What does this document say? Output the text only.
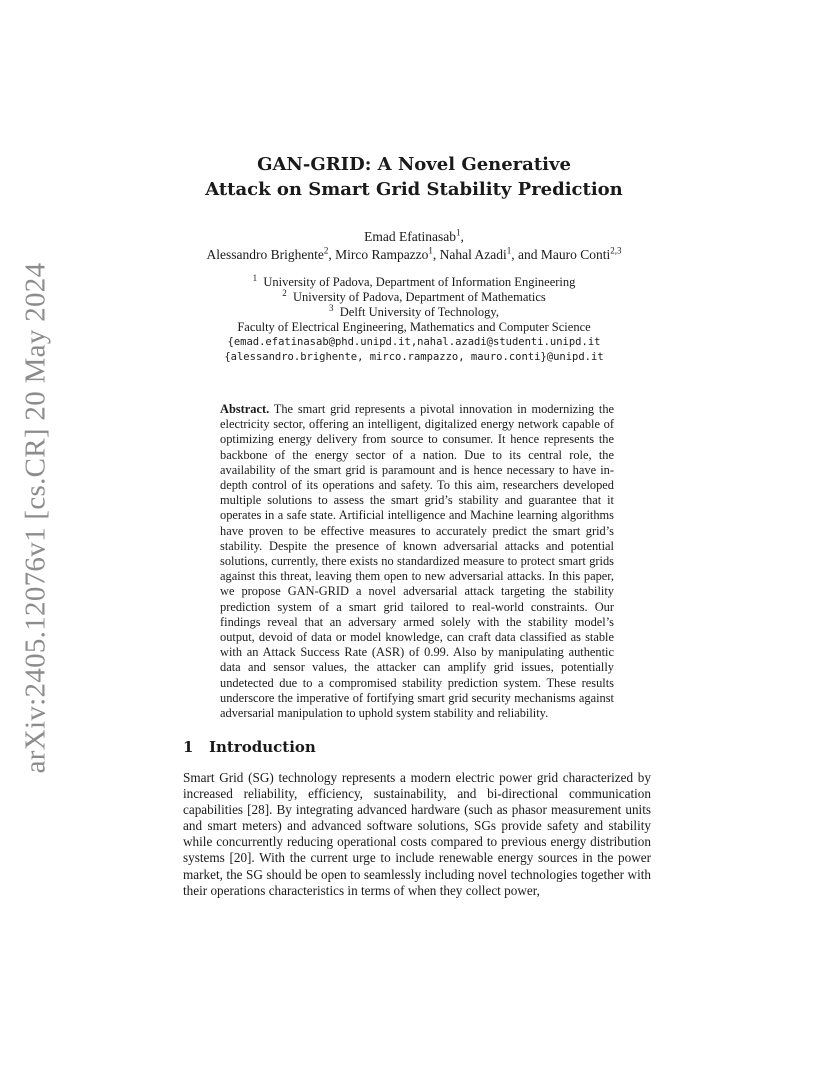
arXiv:2405.12076v1 [cs.CR] 20 May 2024
GAN-GRID: A Novel Generative
Attack on Smart Grid Stability Prediction
Emad Efatinasab$^1$,
Alessandro Brighente$^2$, Mirco Rampazzo$^1$, Nahal Azadi$^1$, and Mauro Conti$^{2,3}$
$^1$ University of Padova, Department of Information Engineering
$^2$ University of Padova, Department of Mathematics
$^3$ Delft University of Technology,
Faculty of Electrical Engineering, Mathematics and Computer Science
{emad.efatinasab@phd.unipd.it,nahal.azadi@studenti.unipd.it
{alessandro.brighente, mirco.rampazzo, mauro.conti}@unipd.it
Abstract. The smart grid represents a pivotal innovation in modernizing the electricity sector, offering an intelligent, digitalized energy network capable of optimizing energy delivery from source to consumer. It hence represents the backbone of the energy sector of a nation. Due to its central role, the availability of the smart grid is paramount and is hence necessary to have in-depth control of its operations and safety. To this aim, researchers developed multiple solutions to assess the smart grid’s stability and guarantee that it operates in a safe state. Artificial intelligence and Machine learning algorithms have proven to be effective measures to accurately predict the smart grid’s stability. Despite the presence of known adversarial attacks and potential solutions, currently, there exists no standardized measure to protect smart grids against this threat, leaving them open to new adversarial attacks. In this paper, we propose GAN-GRID a novel adversarial attack targeting the stability prediction system of a smart grid tailored to real-world constraints. Our findings reveal that an adversary armed solely with the stability model’s output, devoid of data or model knowledge, can craft data classified as stable with an Attack Success Rate (ASR) of 0.99. Also by manipulating authentic data and sensor values, the attacker can amplify grid issues, potentially undetected due to a compromised stability prediction system. These results underscore the imperative of fortifying smart grid security mechanisms against adversarial manipulation to uphold system stability and reliability.
1 Introduction
Smart Grid (SG) technology represents a modern electric power grid characterized by increased reliability, efficiency, sustainability, and bi-directional communication capabilities [28]. By integrating advanced hardware (such as phasor measurement units and smart meters) and advanced software solutions, SGs provide safety and stability while concurrently reducing operational costs compared to previous energy distribution systems [20]. With the current urge to include renewable energy sources in the power market, the SG should be open to seamlessly including novel technologies together with their operations characteristics in terms of when they collect power,
